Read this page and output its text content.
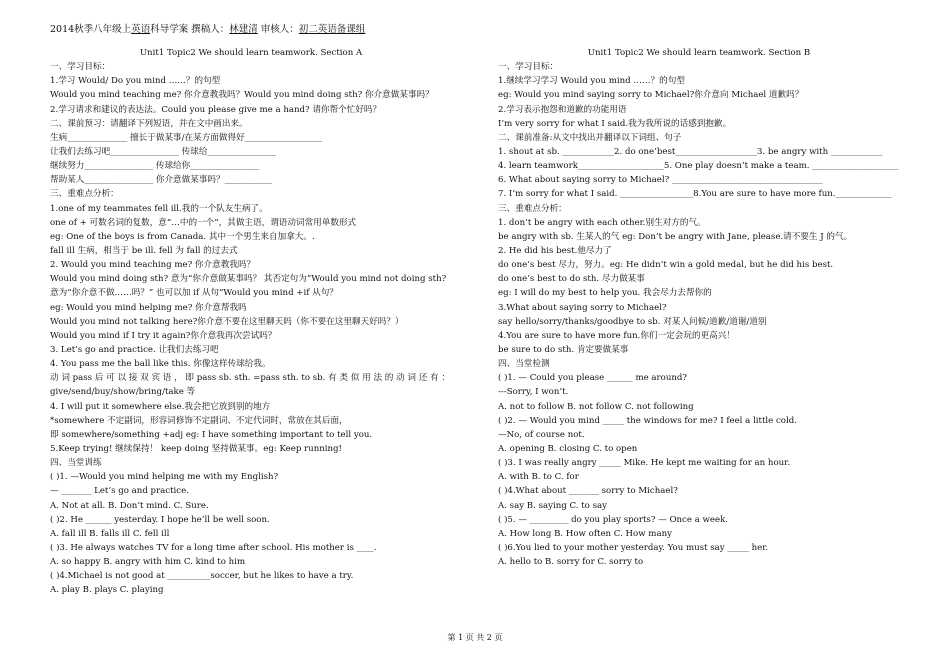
2014秋季八年级上英语科导学案 撰稿人：林建清 审核人：初二英语备课组
Unit1 Topic2 We should learn teamwork. Section A
一、学习目标：
1.学习 Would/ Do you mind ……？的句型
Would you mind teaching me? 你介意教我吗？Would you mind doing sth? 你介意做某事吗？
2.学习请求和建议的表达法。Could you please give me a hand? 请你帮个忙好吗？
二、课前预习：请翻译下列短语，并在文中画出来。
生病______________ 擅长于做某事/在某方面做得好__________________
让我们去练习吧________________ 传球给________________
继续努力________________ 传球给你________________
帮助某人________________ 你介意做某事吗？___________
三、重难点分析：
1.one of my teammates fell ill.我的一个队友生病了。
one of + 可数名词的复数，意“…中的一个”，其做主语，谓语动词常用单数形式
eg: One of the boys is from Canada. 其中一个男生来自加拿大。.
fall ill 生病，相当于 be ill. fell 为 fall 的过去式
2. Would you mind teaching me? 你介意教我吗？
Would you mind doing sth? 意为“你介意做某事吗？ 其否定句为“Would you mind not doing sth?
意为“你介意不做……吗？” 也可以加 if 从句“Would you mind +if 从句？
eg: Would you mind helping me? 你介意帮我吗
Would you mind not talking here?你介意不要在这里聊天吗（你不要在这里聊天好吗？）
Would you mind if I try it again?你介意我再次尝试吗？
3. Let’s go and practice. 让我们去练习吧
4. You pass me the ball like this. 你像这样传球给我。
动 词 pass 后 可 以 接 双 宾 语 ， 即 pass sb. sth. =pass sth. to sb. 有 类 似 用 法 的 动 词 还 有 ：
give/send/buy/show/bring/take 等
4. I will put it somewhere else.我会把它放到别的地方
*somewhere 不定副词，形容词修饰不定副词、不定代词时，常放在其后面，
即 somewhere/something +adj eg: I have something important to tell you.
5.Keep trying! 继续保持！ keep doing 坚持做某事。eg: Keep running!
四、当堂训练
( )1. —Would you mind helping me with my English?
— _______ Let’s go and practice.
A. Not at all. B. Don’t mind. C. Sure.
( )2. He ______ yesterday. I hope he’ll be well soon.
A. fall ill B. falls ill C. fell ill
( )3. He always watches TV for a long time after school. His mother is ____.
A. so happy B. angry with him C. kind to him
( )4.Michael is not good at __________soccer, but he likes to have a try.
A. play B. plays C. playing
Unit1 Topic2 We should learn teamwork. Section B
一、学习目标：
1.继续学习学习 Would you mind ……？的句型
eg: Would you mind saying sorry to Michael?你介意向 Michael 道歉吗？
2.学习表示抱怨和道歉的功能用语
I’m very sorry for what I said.我为我所说的话感到抱歉。
二、课前准备:从文中找出并翻译以下词组、句子
1. shout at sb. ____________2. do one’best___________________3. be angry with ____________
4. learn teamwork____________________5. One play doesn’t make a team. ____________________
6. What about saying sorry to Michael? ___________________________________
7. I’m sorry for what I said. _________________8.You are sure to have more fun._____________
三、重难点分析：
1. don’t be angry with each other.别生对方的气。
be angry with sb. 生某人的气 eg: Don’t be angry with Jane, please.请不要生 J 的气。
2. He did his best.他尽力了
do one’s best 尽力，努力。eg: He didn’t win a gold medal, but he did his best.
do one’s best to do sth. 尽力做某事
eg: I will do my best to help you. 我会尽力去帮你的
3.What about saying sorry to Michael?
say hello/sorry/thanks/goodbye to sb. 对某人问候/道歉/道谢/道别
4.You are sure to have more fun.你们一定会玩的更高兴！
be sure to do sth. 肯定要做某事
四、当堂检测
( )1. — Could you please ______ me around?
---Sorry, I won’t.
A. not to follow B. not follow C. not following
( )2. — Would you mind _____ the windows for me? I feel a little cold.
—No, of course not.
A. opening B. closing C. to open
( )3. I was really angry _____ Mike. He kept me waiting for an hour.
A. with B. to C. for
( )4.What about _______ sorry to Michael?
A. say B. saying C. to say
( )5. — _________ do you play sports? — Once a week.
A. How long B. How often C. How many
( )6.You lied to your mother yesterday. You must say _____ her.
A. hello to B. sorry for C. sorry to
第 1 页 共 2 页
